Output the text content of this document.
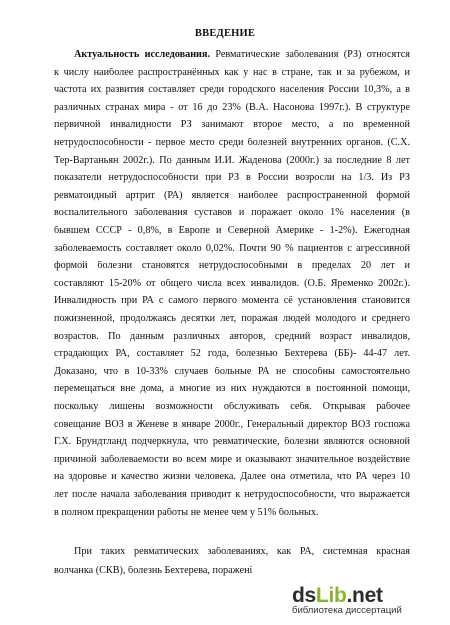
ВВЕДЕНИЕ
Актуальность исследования. Ревматические заболевания (РЗ) относятся
к числу наиболее распространённых как у нас в стране, так и за рубежом, и
частота их развития составляет среди городского населения России 10,3%, а в
различных странах мира - от 16 до 23% (В.А. Насонова 1997г.). В структуре
первичной инвалидности РЗ занимают второе место, а по временной
нетрудоспособности - первое место среди болезней внутренних органов. (С.Х.
Тер-Вартаньян 2002г.). По данным И.И. Жаденова (2000г.) за последние 8 лет
показатели нетрудоспособности при РЗ в России возросли на 1/3. Из РЗ
ревматоидный артрит (РА) является наиболее распространенной формой
воспалительного заболевания суставов и поражает около 1% населения (в
бывшем СССР - 0,8%, в Европе и Северной Америке - 1-2%). Ежегодная
заболеваемость составляет около 0,02%. Почти 90 % пациентов с агрессивной
формой болезни становятся нетрудоспособными в пределах 20 лет и
составляют 15-20% от общего числа всех инвалидов. (О.Б. Яременко 2002г.).
Инвалидность при РА с самого первого момента сё установления становится
пожизненной, продолжаясь десятки лет, поражая людей молодого и среднего
возрастов. По данным различных авторов, средний возраст инвалидов,
страдающих РА, составляет 52 года, болезнью Бехтерева (ББ)- 44-47 лет.
Доказано, что в 10-33% случаев больные РА не способны самостоятельно
перемещаться вне дома, а многие из них нуждаются в постоянной помощи,
поскольку лишены возможности обслуживать себя. Открывая рабочее
совещание ВОЗ в Женеве в январе 2000г., Генеральный директор ВОЗ госпожа
Г.Х. Брундтланд подчеркнула, что ревматические, болезни являются основной
причиной заболеваемости во всем мире и оказывают значительное воздействие
на здоровье и качество жизни человека. Далее она отметила, что РА через 10
лет после начала заболевания приводит к нетрудоспособности, что выражается
в полном прекращении работы не менее чем у 51% больных.
При таких ревматических заболеваниях, как РА, системная красная
волчанка (СКВ), болезнь Бехтерева, поражені
dsLib.net
библиотека диссертаций
